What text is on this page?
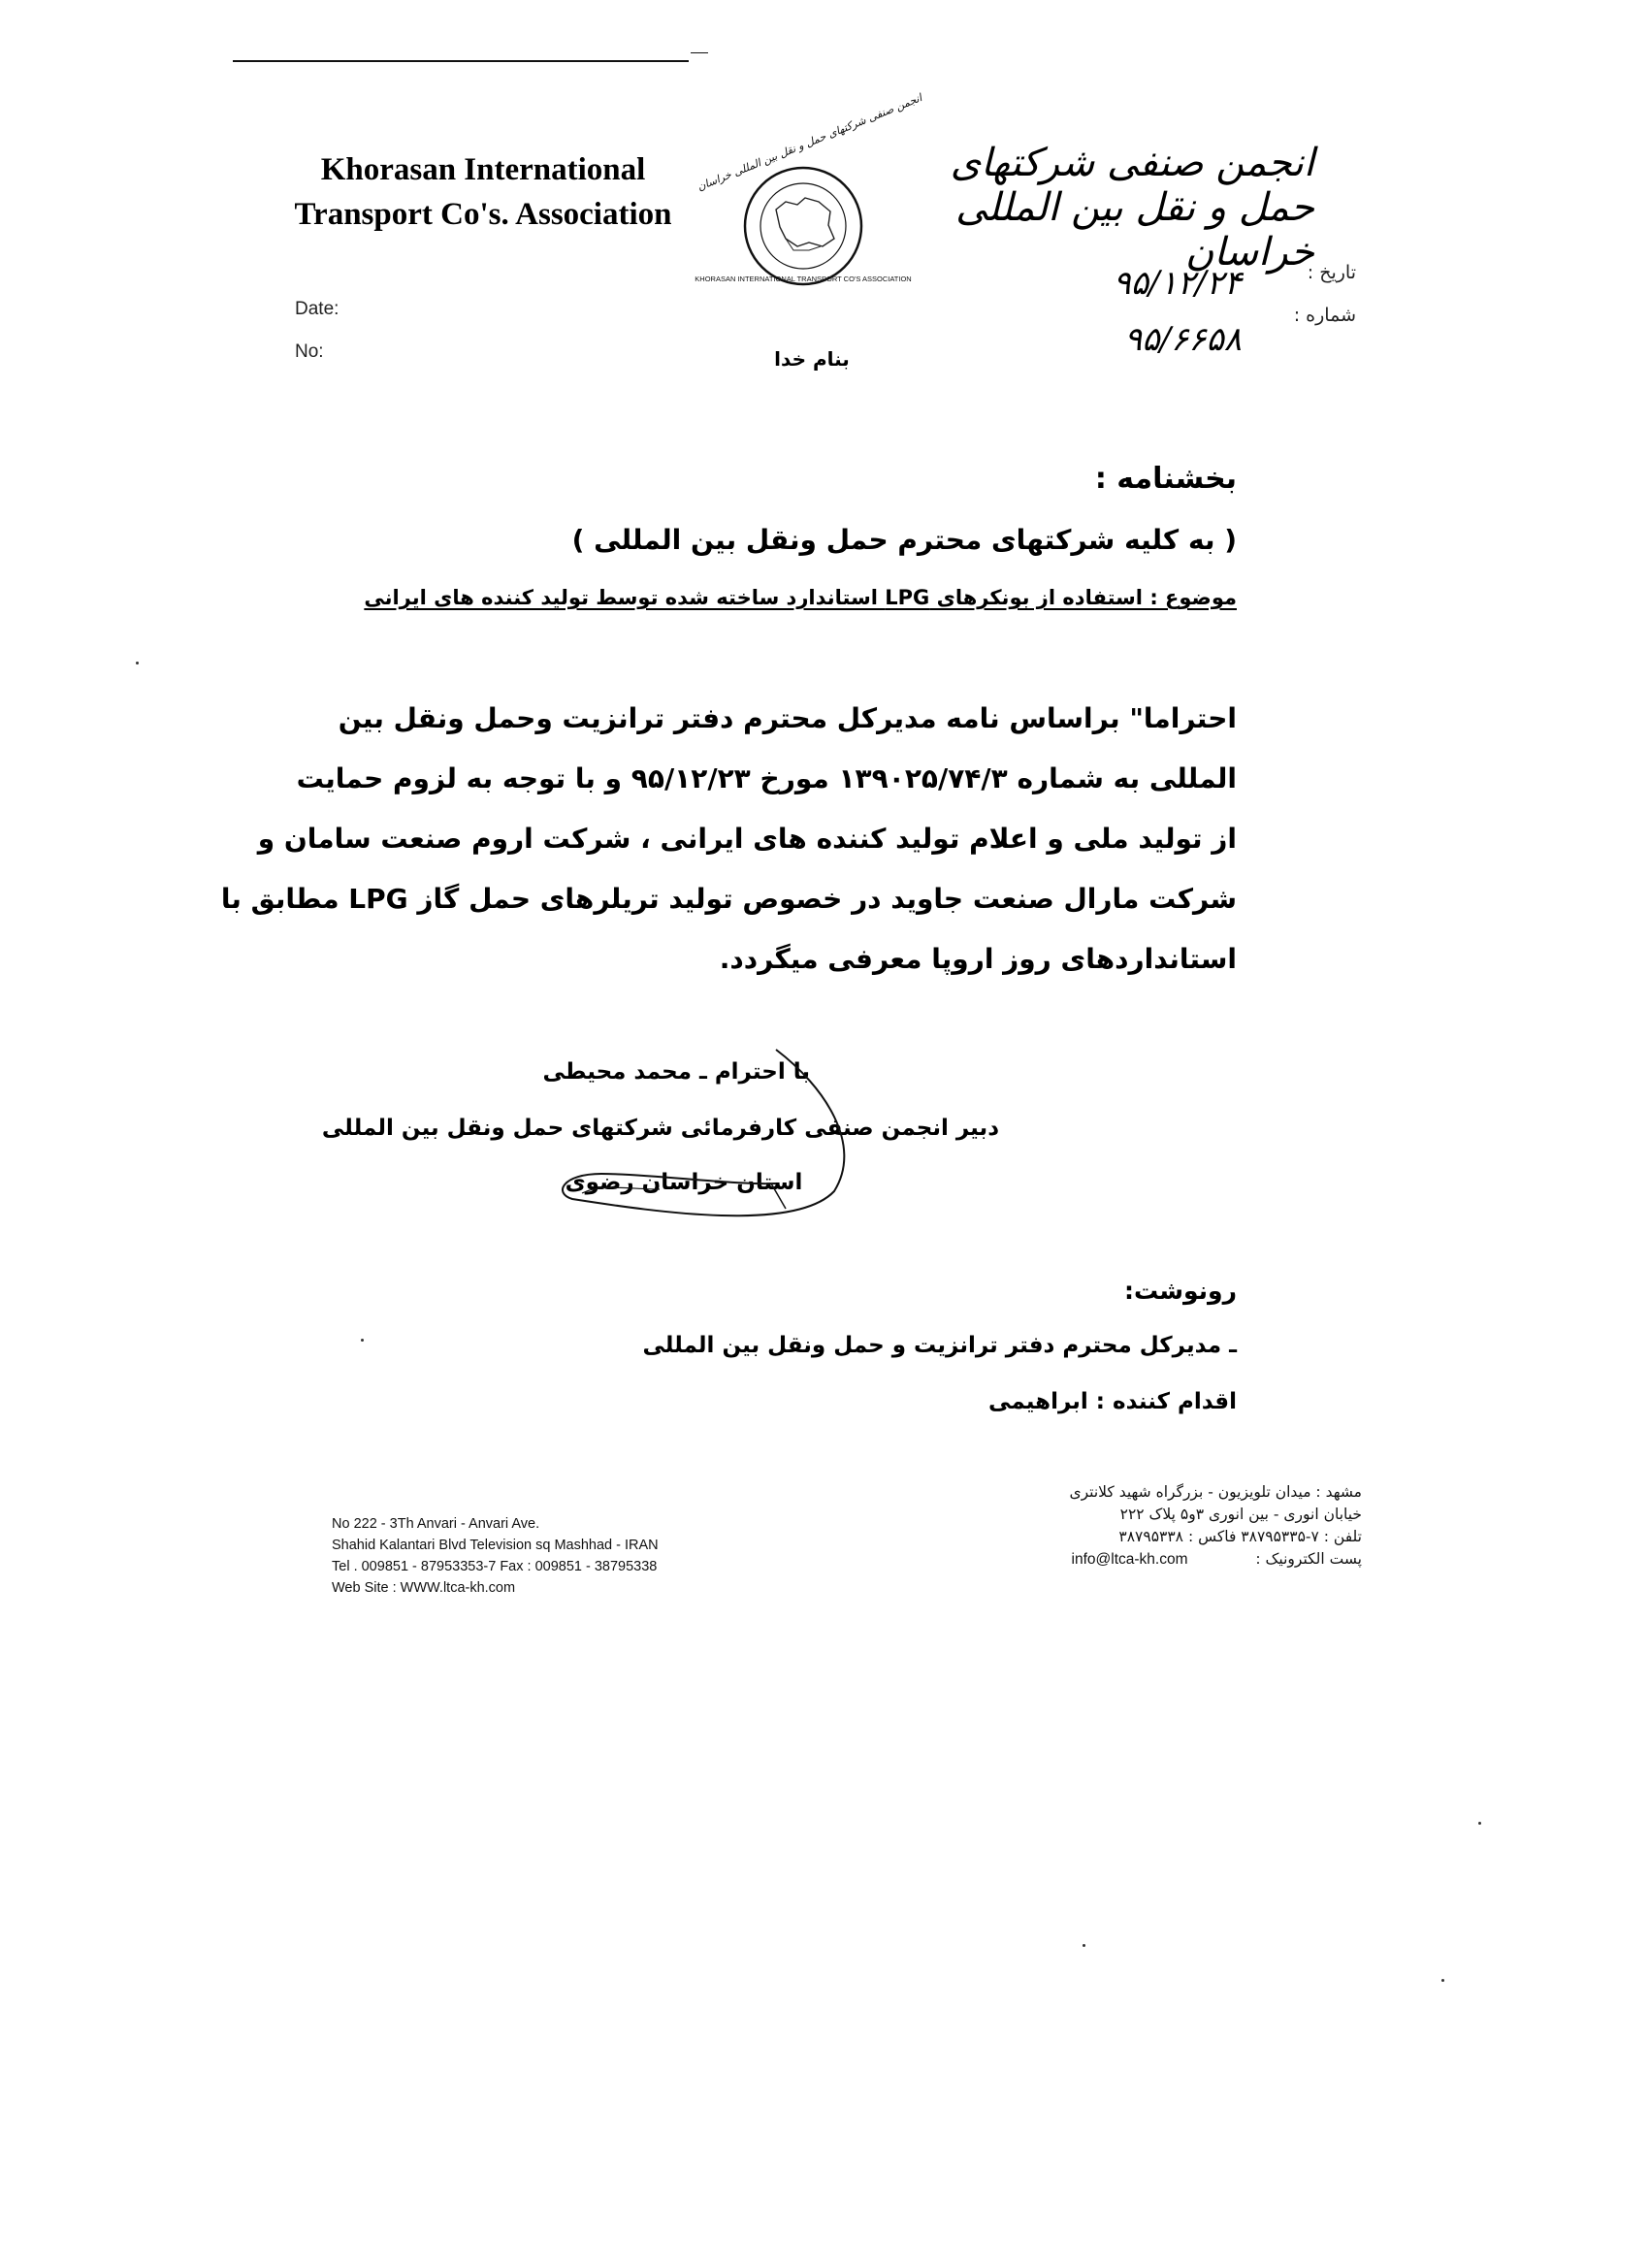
Khorasan International
Transport Co's. Association
انجمن صنفی شرکتهای حمل و نقل بین المللی خراسان
KHORASAN INTERNATIONAL TRANSPORT CO'S ASSOCIATION
انجمن صنفی شرکتهای حمل و نقل بین المللی خراسان
Date:
No:
تاریخ :
شماره :
۹۵/۱۲/۲۴
۹۵/۶۶۵۸
بنام خدا
بخشنامه :
( به کلیه شرکتهای محترم حمل ونقل بین المللی )
موضوع : استفاده از بونکرهای LPG استاندارد ساخته شده توسط تولید کننده های ایرانی
احتراما" براساس نامه مدیرکل محترم دفتر ترانزیت وحمل ونقل بین
المللی به شماره ۱۳۹۰۲۵/۷۴/۳ مورخ ۹۵/۱۲/۲۳ و با توجه به لزوم حمایت
از تولید ملی و اعلام تولید کننده های ایرانی ، شرکت اروم صنعت سامان و
شرکت مارال صنعت جاوید در خصوص تولید تریلرهای حمل گاز LPG مطابق با
استانداردهای روز اروپا معرفی میگردد.
با احترام ـ محمد محیطی
دبیر انجمن صنفی کارفرمائی شرکتهای حمل ونقل بین المللی
استان خراسان رضوی
رونوشت:
ـ مدیرکل محترم دفتر ترانزیت و حمل ونقل بین المللی
اقدام کننده : ابراهیمی
No 222 - 3Th Anvari - Anvari Ave.
Shahid Kalantari Blvd Television sq Mashhad - IRAN
Tel . 009851 - 87953353-7 Fax : 009851 - 38795338
Web Site : WWW.ltca-kh.com
مشهد : میدان تلویزیون - بزرگراه شهید کلانتری
خیابان انوری - بین انوری ۳و۵ پلاک ۲۲۲
تلفن : ۷-۳۸۷۹۵۳۳۵ فاکس : ۳۸۷۹۵۳۳۸
پست الکترونیک :  info@ltca-kh.com
